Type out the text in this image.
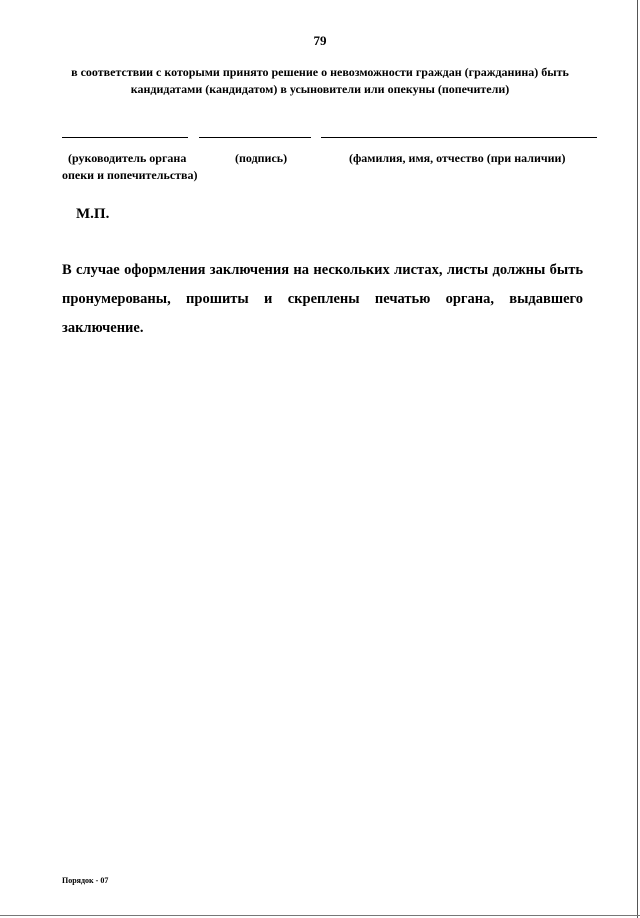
79
в соответствии с которыми принято решение о невозможности граждан (гражданина) быть
кандидатами (кандидатом) в усыновители или опекуны (попечители)
(руководитель органа
опеки и попечительства)
(подпись)	(фамилия, имя, отчество (при наличии)
М.П.
В случае оформления заключения на нескольких листах, листы должны быть пронумерованы, прошиты и скреплены печатью органа, выдавшего заключение.
Порядок - 07
